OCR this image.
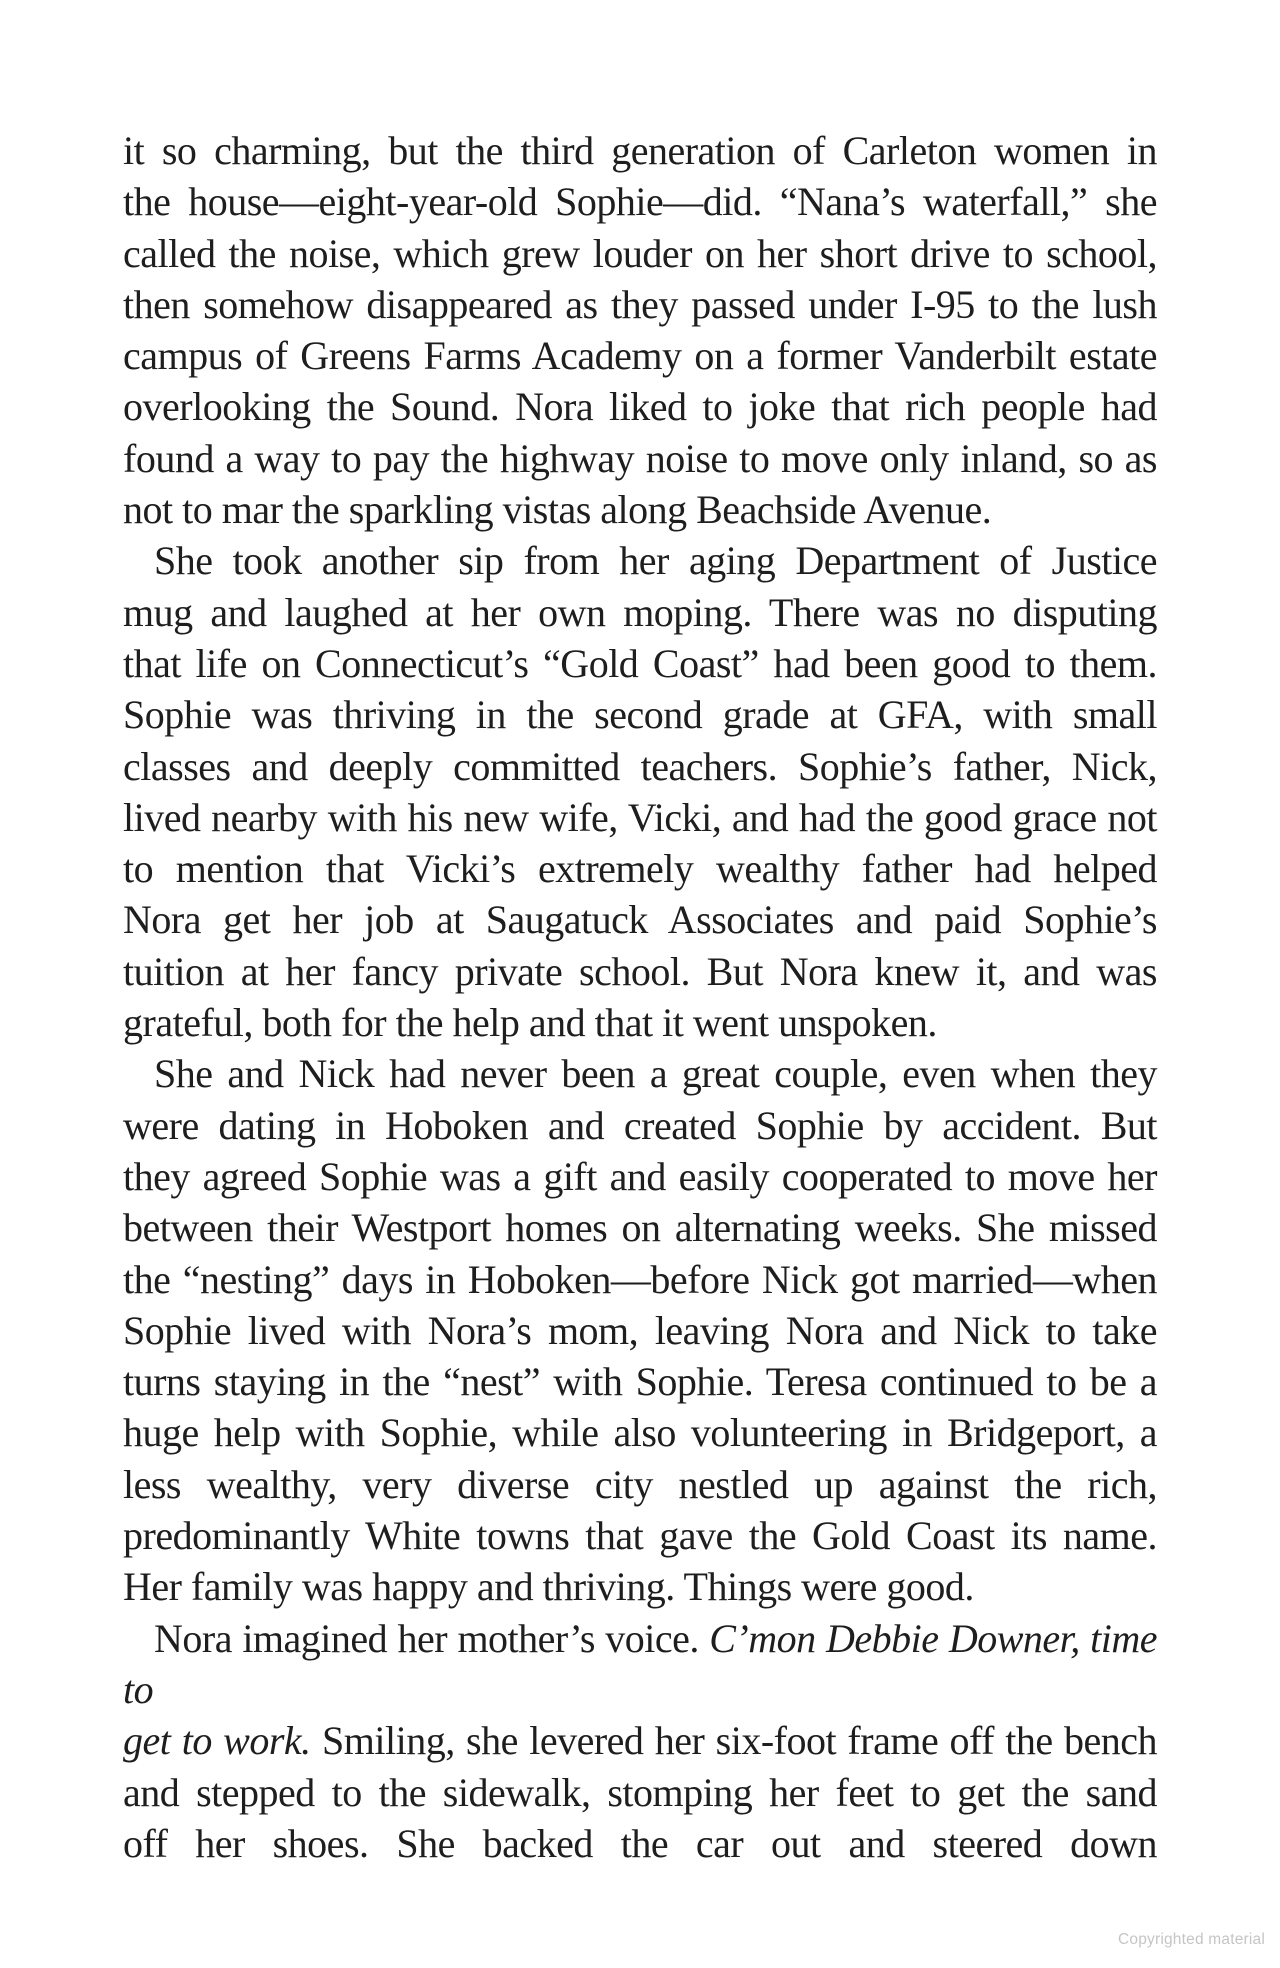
it so charming, but the third generation of Carleton women in
the house—eight-year-old Sophie—did. “Nana’s waterfall,” she
called the noise, which grew louder on her short drive to school,
then somehow disappeared as they passed under I-95 to the lush
campus of Greens Farms Academy on a former Vanderbilt estate
overlooking the Sound. Nora liked to joke that rich people had
found a way to pay the highway noise to move only inland, so as
not to mar the sparkling vistas along Beachside Avenue.
She took another sip from her aging Department of Justice
mug and laughed at her own moping. There was no disputing
that life on Connecticut’s “Gold Coast” had been good to them.
Sophie was thriving in the second grade at GFA, with small
classes and deeply committed teachers. Sophie’s father, Nick,
lived nearby with his new wife, Vicki, and had the good grace not
to mention that Vicki’s extremely wealthy father had helped
Nora get her job at Saugatuck Associates and paid Sophie’s
tuition at her fancy private school. But Nora knew it, and was
grateful, both for the help and that it went unspoken.
She and Nick had never been a great couple, even when they
were dating in Hoboken and created Sophie by accident. But
they agreed Sophie was a gift and easily cooperated to move her
between their Westport homes on alternating weeks. She missed
the “nesting” days in Hoboken—before Nick got married—when
Sophie lived with Nora’s mom, leaving Nora and Nick to take
turns staying in the “nest” with Sophie. Teresa continued to be a
huge help with Sophie, while also volunteering in Bridgeport, a
less wealthy, very diverse city nestled up against the rich,
predominantly White towns that gave the Gold Coast its name.
Her family was happy and thriving. Things were good.
Nora imagined her mother’s voice. C’mon Debbie Downer, time to
get to work. Smiling, she levered her six-foot frame off the bench
and stepped to the sidewalk, stomping her feet to get the sand
off her shoes. She backed the car out and steered down
Copyrighted material
